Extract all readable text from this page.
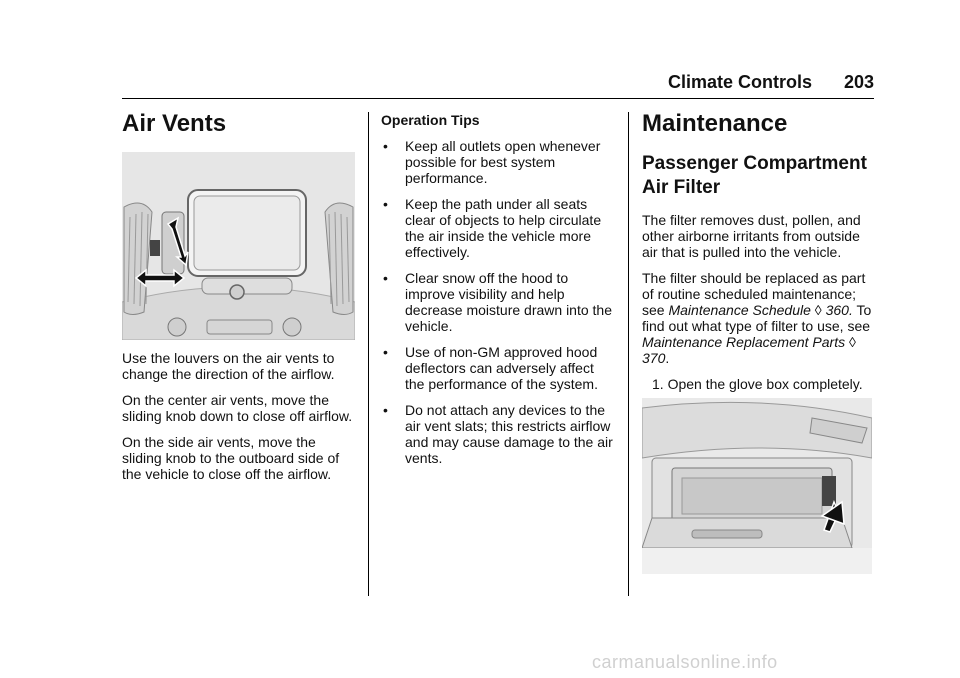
Climate Controls 203
Air Vents

Use the louvers on the air vents to change the direction of the airflow.

On the center air vents, move the sliding knob down to close off airflow.

On the side air vents, move the sliding knob to the outboard side of the vehicle to close off the airflow.

Operation Tips
• Keep all outlets open whenever possible for best system performance.
• Keep the path under all seats clear of objects to help circulate the air inside the vehicle more effectively.
• Clear snow off the hood to improve visibility and help decrease moisture drawn into the vehicle.
• Use of non-GM approved hood deflectors can adversely affect the performance of the system.
• Do not attach any devices to the air vent slats; this restricts airflow and may cause damage to the air vents.
Maintenance
Passenger Compartment Air Filter

The filter removes dust, pollen, and other airborne irritants from outside air that is pulled into the vehicle.

The filter should be replaced as part of routine scheduled maintenance; see Maintenance Schedule ◊ 360. To find out what type of filter to use, see Maintenance Replacement Parts ◊ 370.

1. Open the glove box completely.
carmanualsonline.info
